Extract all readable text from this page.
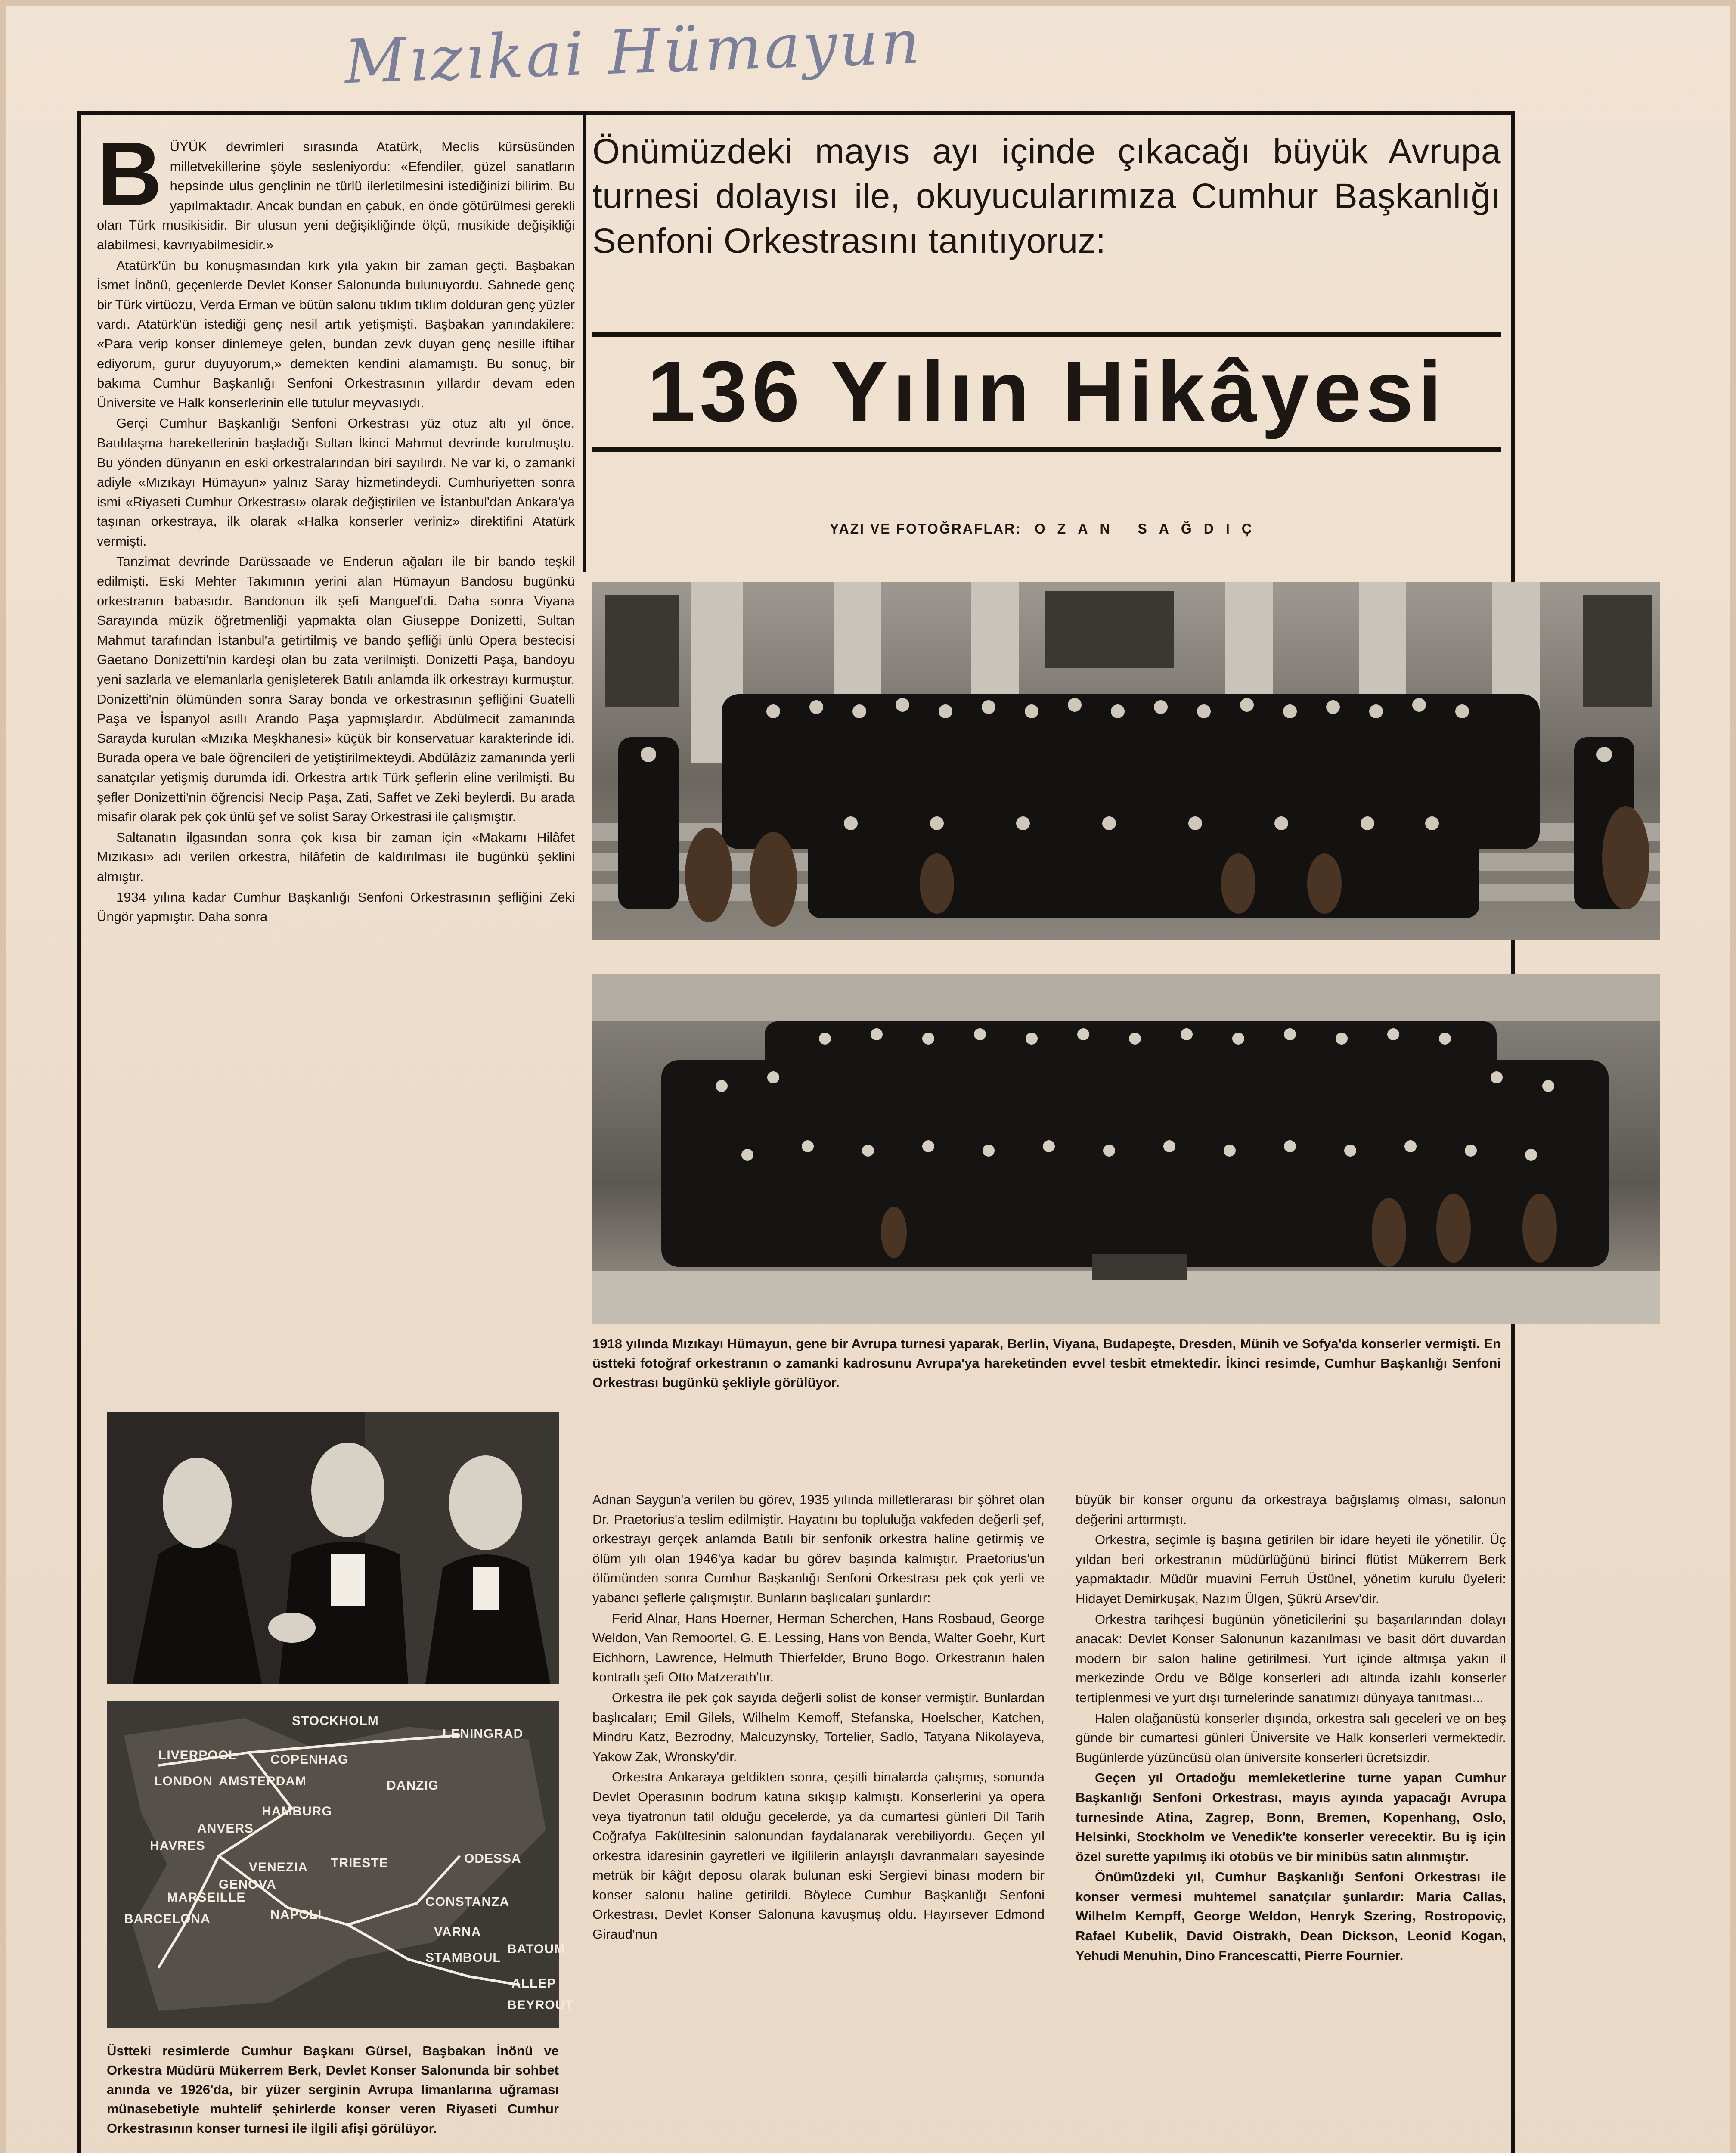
Mızıkai Hümayun

BÜYÜK devrimleri sırasında Atatürk, Meclis kürsüsünden milletvekillerine şöyle sesleniyordu: «Efendiler, güzel sanatların hepsinde ulus gençlinin ne türlü ilerletilmesini istediğinizi bilirim. Bu yapılmaktadır. Ancak bundan en çabuk, en önde götürülmesi gerekli olan Türk musikisidir. Bir ulusun yeni değişikliğinde ölçü, musikide değişikliği alabilmesi, kavrıyabilmesidir.»

Atatürk'ün bu konuşmasından kırk yıla yakın bir zaman geçti. Başbakan İsmet İnönü, geçenlerde Devlet Konser Salonunda bulunuyordu. Sahnede genç bir Türk virtüozu, Verda Erman ve bütün salonu tıklım tıklım dolduran genç yüzler vardı. Atatürk'ün istediği genç nesil artık yetişmişti. Başbakan yanındakilere: «Para verip konser dinlemeye gelen, bundan zevk duyan genç nesille iftihar ediyorum, gurur duyuyorum,» demekten kendini alamamıştı. Bu sonuç, bir bakıma Cumhur Başkanlığı Senfoni Orkestrasının yıllardır devam eden Üniversite ve Halk konserlerinin elle tutulur meyvasıydı.

Gerçi Cumhur Başkanlığı Senfoni Orkestrası yüz otuz altı yıl önce, Batılılaşma hareketlerinin başladığı Sultan İkinci Mahmut devrinde kurulmuştu. Bu yönden dünyanın en eski orkestralarından biri sayılırdı. Ne var ki, o zamanki adiyle «Mızıkayı Hümayun» yalnız Saray hizmetindeydi. Cumhuriyetten sonra ismi «Riyaseti Cumhur Orkestrası» olarak değiştirilen ve İstanbul'dan Ankara'ya taşınan orkestraya, ilk olarak «Halka konserler veriniz» direktifini Atatürk vermişti.

Tanzimat devrinde Darüssaade ve Enderun ağaları ile bir bando teşkil edilmişti. Eski Mehter Takımının yerini alan Hümayun Bandosu bugünkü orkestranın babasıdır. Bandonun ilk şefi Manguel'di. Daha sonra Viyana Sarayında müzik öğretmenliği yapmakta olan Giuseppe Donizetti, Sultan Mahmut tarafından İstanbul'a getirtilmiş ve bando şefliği ünlü Opera bestecisi Gaetano Donizetti'nin kardeşi olan bu zata verilmişti. Donizetti Paşa, bandoyu yeni sazlarla ve elemanlarla genişleterek Batılı anlamda ilk orkestrayı kurmuştur. Donizetti'nin ölümünden sonra Saray bonda ve orkestrasının şefliğini Guatelli Paşa ve İspanyol asıllı Arando Paşa yapmışlardır. Abdülmecit zamanında Sarayda kurulan «Mızıka Meşkhanesi» küçük bir konservatuar karakterinde idi. Burada opera ve bale öğrencileri de yetiştirilmekteydi. Abdülâziz zamanında yerli sanatçılar yetişmiş durumda idi. Orkestra artık Türk şeflerin eline verilmişti. Bu şefler Donizetti'nin öğrencisi Necip Paşa, Zati, Saffet ve Zeki beylerdi. Bu arada misafir olarak pek çok ünlü şef ve solist Saray Orkestrasi ile çalışmıştır.

Saltanatın ilgasından sonra çok kısa bir zaman için «Makamı Hilâfet Mızıkası» adı verilen orkestra, hilâfetin de kaldırılması ile bugünkü şeklini almıştır.

1934 yılına kadar Cumhur Başkanlığı Senfoni Orkestrasının şefliğini Zeki Üngör yapmıştır. Daha sonra

Önümüzdeki mayıs ayı içinde çıkacağı büyük Avrupa turnesi dolayısı ile, okuyucularımıza Cumhur Başkanlığı Senfoni Orkestrasını tanıtıyoruz:
136 Yılın Hikâyesi
YAZI VE FOTOĞRAFLAR: OZAN SAĞDIÇ
1918 yılında Mızıkayı Hümayun, gene bir Avrupa turnesi yaparak, Berlin, Viyana, Budapeşte, Dresden, Münih ve Sofya'da konserler vermişti. En üstteki fotoğraf orkestranın o zamanki kadrosunu Avrupa'ya hareketinden evvel tesbit etmektedir. İkinci resimde, Cumhur Başkanlığı Senfoni Orkestrası bugünkü şekliyle görülüyor.
STOCKHOLM
LENINGRAD
LIVERPOOL	COPENHAG
LONDON AMSTERDAM	DANZIG
HAMBURG
ANVERS
HAVRES
VENEZIA TRIESTE	ODESSA
GENOVA
MARSEILLE
NAPOLI
CONSTANZA
BARCELONA
VARNA
STAMBOUL
BATOUM
ALLEP
BEYROUT
Üstteki resimlerde Cumhur Başkanı Gürsel, Başbakan İnönü ve Orkestra Müdürü Mükerrem Berk, Devlet Konser Salonunda bir sohbet anında ve 1926'da, bir yüzer serginin Avrupa limanlarına uğraması münasebetiyle muhtelif şehirlerde konser veren Riyaseti Cumhur Orkestrasının konser turnesi ile ilgili afişi görülüyor.

Adnan Saygun'a verilen bu görev, 1935 yılında milletlerarası bir şöhret olan Dr. Praetorius'a teslim edilmiştir. Hayatını bu topluluğa vakfeden değerli şef, orkestrayı gerçek anlamda Batılı bir senfonik orkestra haline getirmiş ve ölüm yılı olan 1946'ya kadar bu görev başında kalmıştır. Praetorius'un ölümünden sonra Cumhur Başkanlığı Senfoni Orkestrası pek çok yerli ve yabancı şeflerle çalışmıştır. Bunların başlıcaları şunlardır:

Ferid Alnar, Hans Hoerner, Herman Scherchen, Hans Rosbaud, George Weldon, Van Remoortel, G. E. Lessing, Hans von Benda, Walter Goehr, Kurt Eichhorn, Lawrence, Helmuth Thierfelder, Bruno Bogo. Orkestranın halen kontratlı şefi Otto Matzerath'tır.

Orkestra ile pek çok sayıda değerli solist de konser vermiştir. Bunlardan başlıcaları; Emil Gilels, Wilhelm Kemoff, Stefanska, Hoelscher, Katchen, Mindru Katz, Bezrodny, Malcuzynsky, Tortelier, Sadlo, Tatyana Nikolayeva, Yakow Zak, Wronsky'dir.

Orkestra Ankaraya geldikten sonra, çeşitli binalarda çalışmış, sonunda Devlet Operasının bodrum katına sıkışıp kalmıştı. Konserlerini ya opera veya tiyatronun tatil olduğu gecelerde, ya da cumartesi günleri Dil Tarih Coğrafya Fakültesinin salonundan faydalanarak verebiliyordu. Geçen yıl orkestra idaresinin gayretleri ve ilgililerin anlayışlı davranmaları sayesinde metrük bir kâğıt deposu olarak bulunan eski Sergievi binası modern bir konser salonu haline getirildi. Böylece Cumhur Başkanlığı Senfoni Orkestrası, Devlet Konser Salonuna kavuşmuş oldu. Hayırsever Edmond Giraud'nun

büyük bir konser orgunu da orkestraya bağışlamış olması, salonun değerini arttırmıştı.

Orkestra, seçimle iş başına getirilen bir idare heyeti ile yönetilir. Üç yıldan beri orkestranın müdürlüğünü birinci flütist Mükerrem Berk yapmaktadır. Müdür muavini Ferruh Üstünel, yönetim kurulu üyeleri: Hidayet Demirkuşak, Nazım Ülgen, Şükrü Arsev'dir.

Orkestra tarihçesi bugünün yöneticilerini şu başarılarından dolayı anacak: Devlet Konser Salonunun kazanılması ve basit dört duvardan modern bir salon haline getirilmesi. Yurt içinde altmışa yakın il merkezinde Ordu ve Bölge konserleri adı altında izahlı konserler tertiplenmesi ve yurt dışı turnelerinde sanatımızı dünyaya tanıtması...

Halen olağanüstü konserler dışında, orkestra salı geceleri ve on beş günde bir cumartesi günleri Üniversite ve Halk konserleri vermektedir. Bugünlerde yüzüncüsü olan üniversite konserleri ücretsizdir.

Geçen yıl Ortadoğu memleketlerine turne yapan Cumhur Başkanlığı Senfoni Orkestrası, mayıs ayında yapacağı Avrupa turnesinde Atina, Zagrep, Bonn, Bremen, Kopenhang, Oslo, Helsinki, Stockholm ve Venedik'te konserler verecektir. Bu iş için özel surette yapılmış iki otobüs ve bir minibüs satın alınmıştır.

Önümüzdeki yıl, Cumhur Başkanlığı Senfoni Orkestrası ile konser vermesi muhtemel sanatçılar şunlardır: Maria Callas, Wilhelm Kempff, George Weldon, Henryk Szering, Rostropoviç, Rafael Kubelik, David Oistrakh, Dean Dickson, Leonid Kogan, Yehudi Menuhin, Dino Francescatti, Pierre Fournier.
